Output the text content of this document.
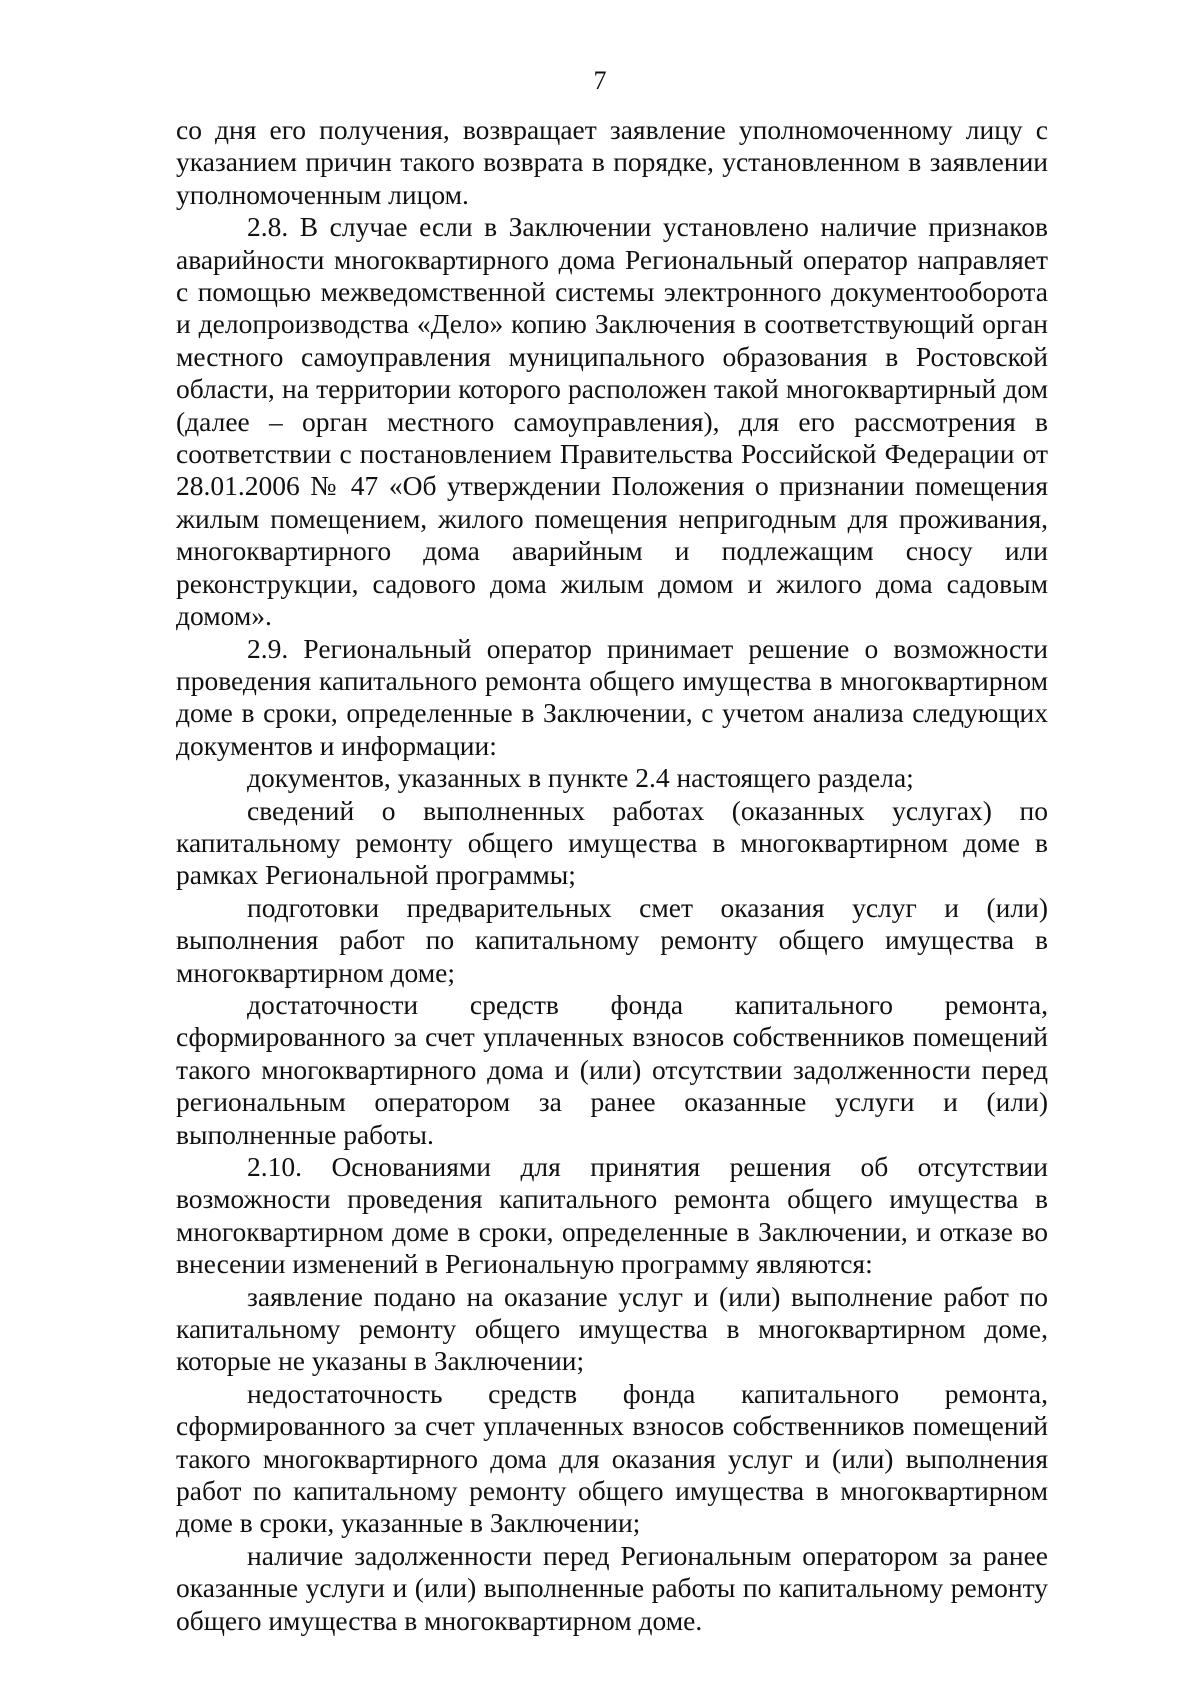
7

со дня его получения, возвращает заявление уполномоченному лицу с указанием причин такого возврата в порядке, установленном в заявлении уполномоченным лицом.

2.8. В случае если в Заключении установлено наличие признаков аварийности многоквартирного дома Региональный оператор направляет с помощью межведомственной системы электронного документооборота и делопроизводства «Дело» копию Заключения в соответствующий орган местного самоуправления муниципального образования в Ростовской области, на территории которого расположен такой многоквартирный дом (далее – орган местного самоуправления), для его рассмотрения в соответствии с постановлением Правительства Российской Федерации от 28.01.2006 № 47 «Об утверждении Положения о признании помещения жилым помещением, жилого помещения непригодным для проживания, многоквартирного дома аварийным и подлежащим сносу или реконструкции, садового дома жилым домом и жилого дома садовым домом».

2.9. Региональный оператор принимает решение о возможности проведения капитального ремонта общего имущества в многоквартирном доме в сроки, определенные в Заключении, с учетом анализа следующих документов и информации:

документов, указанных в пункте 2.4 настоящего раздела;

сведений о выполненных работах (оказанных услугах) по капитальному ремонту общего имущества в многоквартирном доме в рамках Региональной программы;

подготовки предварительных смет оказания услуг и (или) выполнения работ по капитальному ремонту общего имущества в многоквартирном доме;

достаточности средств фонда капитального ремонта, сформированного за счет уплаченных взносов собственников помещений такого многоквартирного дома и (или) отсутствии задолженности перед региональным оператором за ранее оказанные услуги и (или) выполненные работы.

2.10. Основаниями для принятия решения об отсутствии возможности проведения капитального ремонта общего имущества в многоквартирном доме в сроки, определенные в Заключении, и отказе во внесении изменений в Региональную программу являются:

заявление подано на оказание услуг и (или) выполнение работ по капитальному ремонту общего имущества в многоквартирном доме, которые не указаны в Заключении;

недостаточность средств фонда капитального ремонта, сформированного за счет уплаченных взносов собственников помещений такого многоквартирного дома для оказания услуг и (или) выполнения работ по капитальному ремонту общего имущества в многоквартирном доме в сроки, указанные в Заключении;

наличие задолженности перед Региональным оператором за ранее оказанные услуги и (или) выполненные работы по капитальному ремонту общего имущества в многоквартирном доме.
